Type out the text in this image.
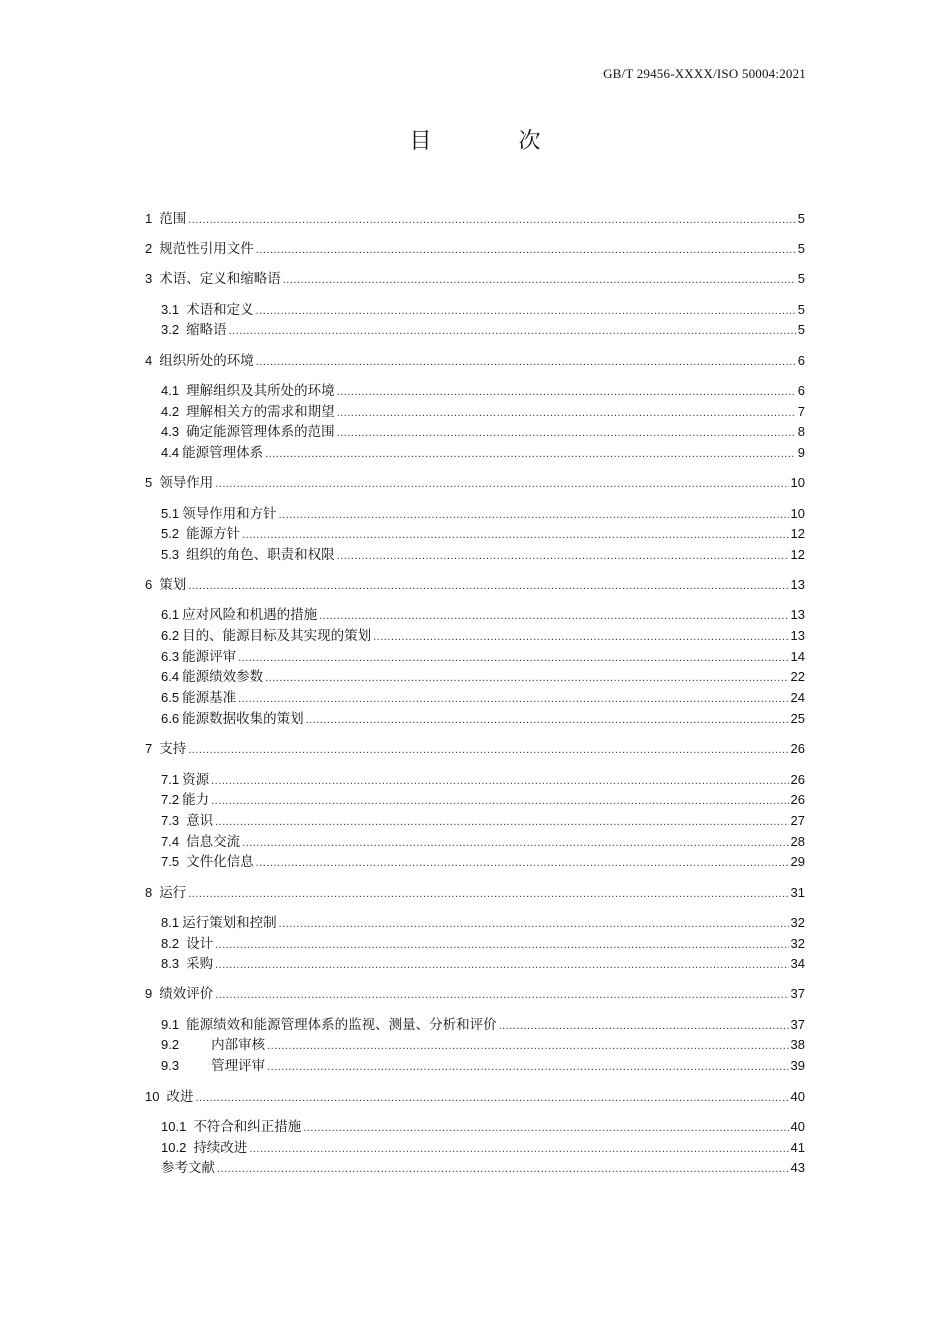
GB/T 29456-XXXX/ISO 50004:2021
目 次
1 范围 .....	5
2 规范性引用文件 .....	5
3 术语、定义和缩略语 .....	5
3.1 术语和定义 .....	5
3.2 缩略语 .....	5
4 组织所处的环境 .....	6
4.1 理解组织及其所处的环境 .....	6
4.2 理解相关方的需求和期望 .....	7
4.3 确定能源管理体系的范围 .....	8
4.4 能源管理体系 .....	9
5 领导作用 .....	10
5.1 领导作用和方针 .....	10
5.2 能源方针 .....	12
5.3 组织的角色、职责和权限 .....	12
6 策划 .....	13
6.1 应对风险和机遇的措施 .....	13
6.2 目的、能源目标及其实现的策划 .....	13
6.3 能源评审 .....	14
6.4 能源绩效参数 .....	22
6.5 能源基准 .....	24
6.6 能源数据收集的策划 .....	25
7 支持 .....	26
7.1 资源 .....	26
7.2 能力 .....	26
7.3 意识 .....	27
7.4 信息交流 .....	28
7.5 文件化信息 .....	29
8 运行 .....	31
8.1 运行策划和控制 .....	32
8.2 设计 .....	32
8.3 采购 .....	34
9 绩效评价 .....	37
9.1 能源绩效和能源管理体系的监视、测量、分析和评价 .....	37
9.2 内部审核 .....	38
9.3 管理评审 .....	39
10 改进 .....	40
10.1 不符合和纠正措施 .....	40
10.2 持续改进 .....	41
参考文献 .....	43
